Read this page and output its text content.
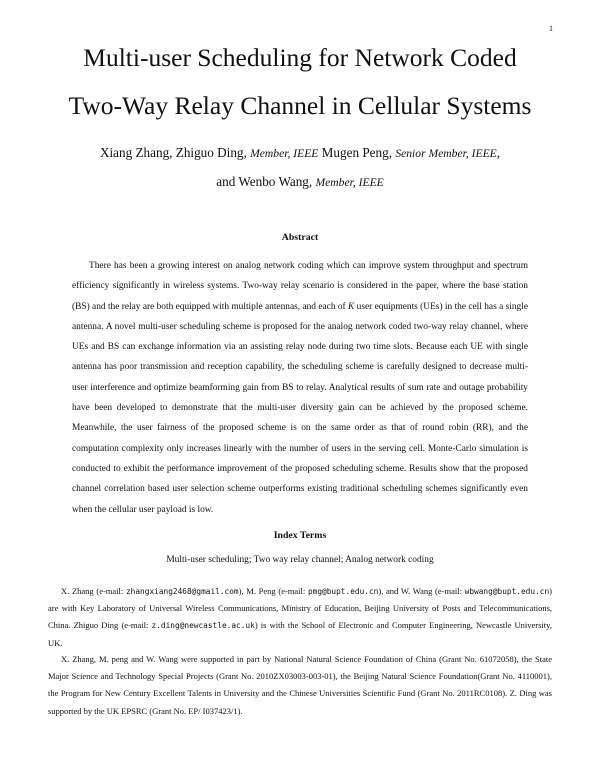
1
Multi-user Scheduling for Network Coded
Two-Way Relay Channel in Cellular Systems
Xiang Zhang, Zhiguo Ding, Member, IEEE Mugen Peng, Senior Member, IEEE,
and Wenbo Wang, Member, IEEE
Abstract

There has been a growing interest on analog network coding which can improve system throughput and spectrum efficiency significantly in wireless systems. Two-way relay scenario is considered in the paper, where the base station (BS) and the relay are both equipped with multiple antennas, and each of K user equipments (UEs) in the cell has a single antenna. A novel multi-user scheduling scheme is proposed for the analog network coded two-way relay channel, where UEs and BS can exchange information via an assisting relay node during two time slots. Because each UE with single antenna has poor transmission and reception capability, the scheduling scheme is carefully designed to decrease multi-user interference and optimize beamforming gain from BS to relay. Analytical results of sum rate and outage probability have been developed to demonstrate that the multi-user diversity gain can be achieved by the proposed scheme. Meanwhile, the user fairness of the proposed scheme is on the same order as that of round robin (RR), and the computation complexity only increases linearly with the number of users in the serving cell. Monte-Carlo simulation is conducted to exhibit the performance improvement of the proposed scheduling scheme. Results show that the proposed channel correlation based user selection scheme outperforms existing traditional scheduling schemes significantly even when the cellular user payload is low.

Index Terms
Multi-user scheduling; Two way relay channel; Analog network coding

X. Zhang (e-mail: zhangxiang2468@gmail.com), M. Peng (e-mail: pmg@bupt.edu.cn), and W. Wang (e-mail: wbwang@bupt.edu.cn) are with Key Laboratory of Universal Wireless Communications, Ministry of Education, Beijing University of Posts and Telecommunications, China. Zhiguo Ding (e-mail: z.ding@newcastle.ac.uk) is with the School of Electronic and Computer Engineering, Newcastle University, UK.

X. Zhang, M. peng and W. Wang were supported in part by National Natural Science Foundation of China (Grant No. 61072058), the State Major Science and Technology Special Projects (Grant No. 2010ZX03003-003-01), the Beijing Natural Science Foundation(Grant No. 4110001), the Program for New Century Excellent Talents in University and the Chinese Universities Scientific Fund (Grant No. 2011RC0108). Z. Ding was supported by the UK EPSRC (Grant No. EP/ I037423/1).
